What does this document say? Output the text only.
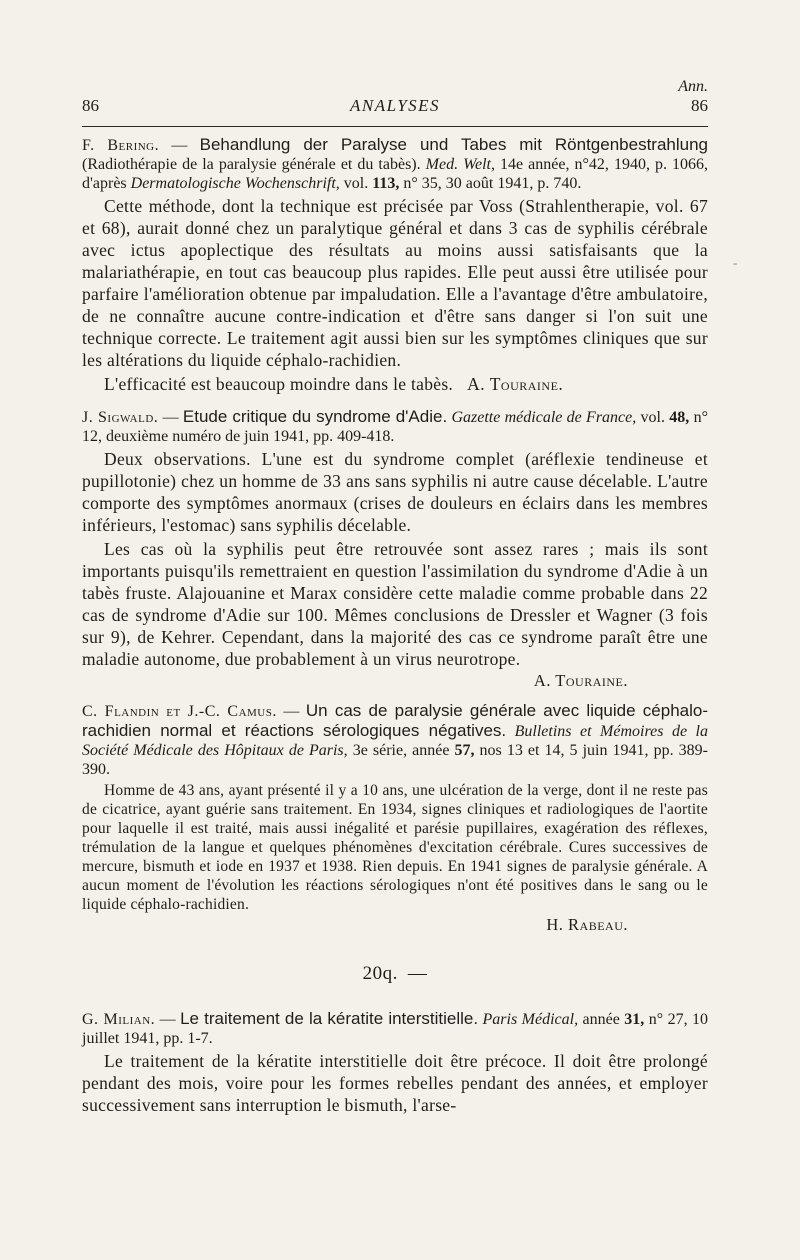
Ann.
86	ANALYSES	86
-

F. Bering. — Behandlung der Paralyse und Tabes mit Röntgenbestrahlung (Radiothérapie de la paralysie générale et du tabès). Med. Welt, 14e année, n°42, 1940, p. 1066, d'après Dermatologische Wochenschrift, vol. 113, n° 35, 30 août 1941, p. 740.

Cette méthode, dont la technique est précisée par Voss (Strahlentherapie, vol. 67 et 68), aurait donné chez un paralytique général et dans 3 cas de syphilis cérébrale avec ictus apoplectique des résultats au moins aussi satisfaisants que la malariathérapie, en tout cas beaucoup plus rapides. Elle peut aussi être utilisée pour parfaire l'amélioration obtenue par impaludation. Elle a l'avantage d'être ambulatoire, de ne connaître aucune contre-indication et d'être sans danger si l'on suit une technique correcte. Le traitement agit aussi bien sur les symptômes cliniques que sur les altérations du liquide céphalo-rachidien.

L'efficacité est beaucoup moindre dans le tabès. A. Touraine.

J. Sigwald. — Etude critique du syndrome d'Adie. Gazette médicale de France, vol. 48, n° 12, deuxième numéro de juin 1941, pp. 409-418.

Deux observations. L'une est du syndrome complet (aréflexie tendineuse et pupillotonie) chez un homme de 33 ans sans syphilis ni autre cause décelable. L'autre comporte des symptômes anormaux (crises de douleurs en éclairs dans les membres inférieurs, l'estomac) sans syphilis décelable.

Les cas où la syphilis peut être retrouvée sont assez rares ; mais ils sont importants puisqu'ils remettraient en question l'assimilation du syndrome d'Adie à un tabès fruste. Alajouanine et Marax considère cette maladie comme probable dans 22 cas de syndrome d'Adie sur 100. Mêmes conclusions de Dressler et Wagner (3 fois sur 9), de Kehrer. Cependant, dans la majorité des cas ce syndrome paraît être une maladie autonome, due probablement à un virus neurotrope.

A. Touraine.

C. Flandin et J.-C. Camus. — Un cas de paralysie générale avec liquide céphalo-rachidien normal et réactions sérologiques négatives. Bulletins et Mémoires de la Société Médicale des Hôpitaux de Paris, 3e série, année 57, nos 13 et 14, 5 juin 1941, pp. 389-390.

Homme de 43 ans, ayant présenté il y a 10 ans, une ulcération de la verge, dont il ne reste pas de cicatrice, ayant guérie sans traitement. En 1934, signes cliniques et radiologiques de l'aortite pour laquelle il est traité, mais aussi inégalité et parésie pupillaires, exagération des réflexes, trémulation de la langue et quelques phénomènes d'excitation cérébrale. Cures successives de mercure, bismuth et iode en 1937 et 1938. Rien depuis. En 1941 signes de paralysie générale. A aucun moment de l'évolution les réactions sérologiques n'ont été positives dans le sang ou le liquide céphalo-rachidien.

H. Rabeau.

20q. —

G. Milian. — Le traitement de la kératite interstitielle. Paris Médical, année 31, n° 27, 10 juillet 1941, pp. 1-7.

Le traitement de la kératite interstitielle doit être précoce. Il doit être prolongé pendant des mois, voire pour les formes rebelles pendant des années, et employer successivement sans interruption le bismuth, l'arse-
